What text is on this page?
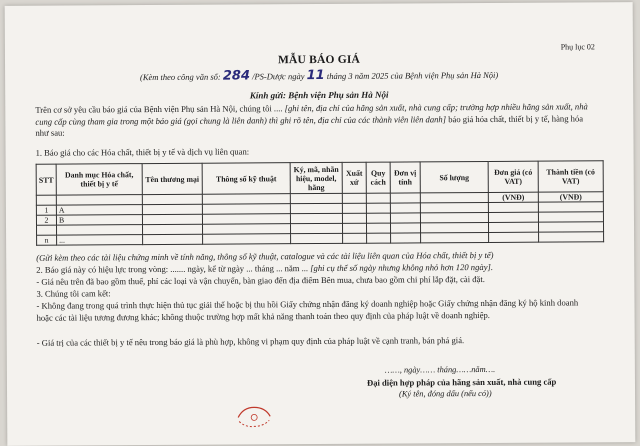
Phụ lục 02
MẪU BÁO GIÁ
(Kèm theo công văn số: 284 /PS-Dược ngày 11 tháng 3 năm 2025 của Bệnh viện Phụ sản Hà Nội)
Kính gửi: Bệnh viện Phụ sản Hà Nội
Trên cơ sở yêu cầu báo giá của Bệnh viện Phụ sản Hà Nội, chúng tôi .... [ghi tên, địa chỉ của hãng sản xuất, nhà cung cấp; trường hợp nhiều hãng sản xuất, nhà cung cấp cùng tham gia trong một báo giá (gọi chung là liên danh) thì ghi rõ tên, địa chỉ của các thành viên liên danh] báo giá hóa chất, thiết bị y tế, hàng hóa như sau:
1. Báo giá cho các Hóa chất, thiết bị y tế và dịch vụ liên quan:
STT	Danh mục Hóa chất, thiết bị y tế	Tên thương mại	Thông số kỹ thuật	Ký, mã, nhãn hiệu, model, hãng	Xuất xứ	Quy cách	Đơn vị tính	Số lượng	Đơn giá (có VAT)	Thành tiền (có VAT)
									(VNĐ)	(VNĐ)
1	A									
2	B									

n	...									
(Gửi kèm theo các tài liệu chứng minh về tính năng, thông số kỹ thuật, catalogue và các tài liệu liên quan của Hóa chất, thiết bị y tế)
2. Báo giá này có hiệu lực trong vòng: ....... ngày, kể từ ngày ... tháng ... năm ... [ghi cụ thể số ngày nhưng không nhỏ hơn 120 ngày].
- Giá nêu trên đã bao gồm thuế, phí các loại và vận chuyển, bàn giao đến địa điểm Bên mua, chưa bao gồm chi phí lắp đặt, cài đặt.
3. Chúng tôi cam kết:
- Không đang trong quá trình thực hiện thủ tục giải thể hoặc bị thu hồi Giấy chứng nhận đăng ký doanh nghiệp hoặc Giấy chứng nhận đăng ký hộ kinh doanh hoặc các tài liệu tương đương khác; không thuộc trường hợp mất khả năng thanh toán theo quy định của pháp luật về doanh nghiệp.
- Giá trị của các thiết bị y tế nêu trong báo giá là phù hợp, không vi phạm quy định của pháp luật về cạnh tranh, bán phá giá.
……, ngày…… tháng……năm….
Đại diện hợp pháp của hãng sản xuất, nhà cung cấp
(Ký tên, đóng dấu (nếu có))
